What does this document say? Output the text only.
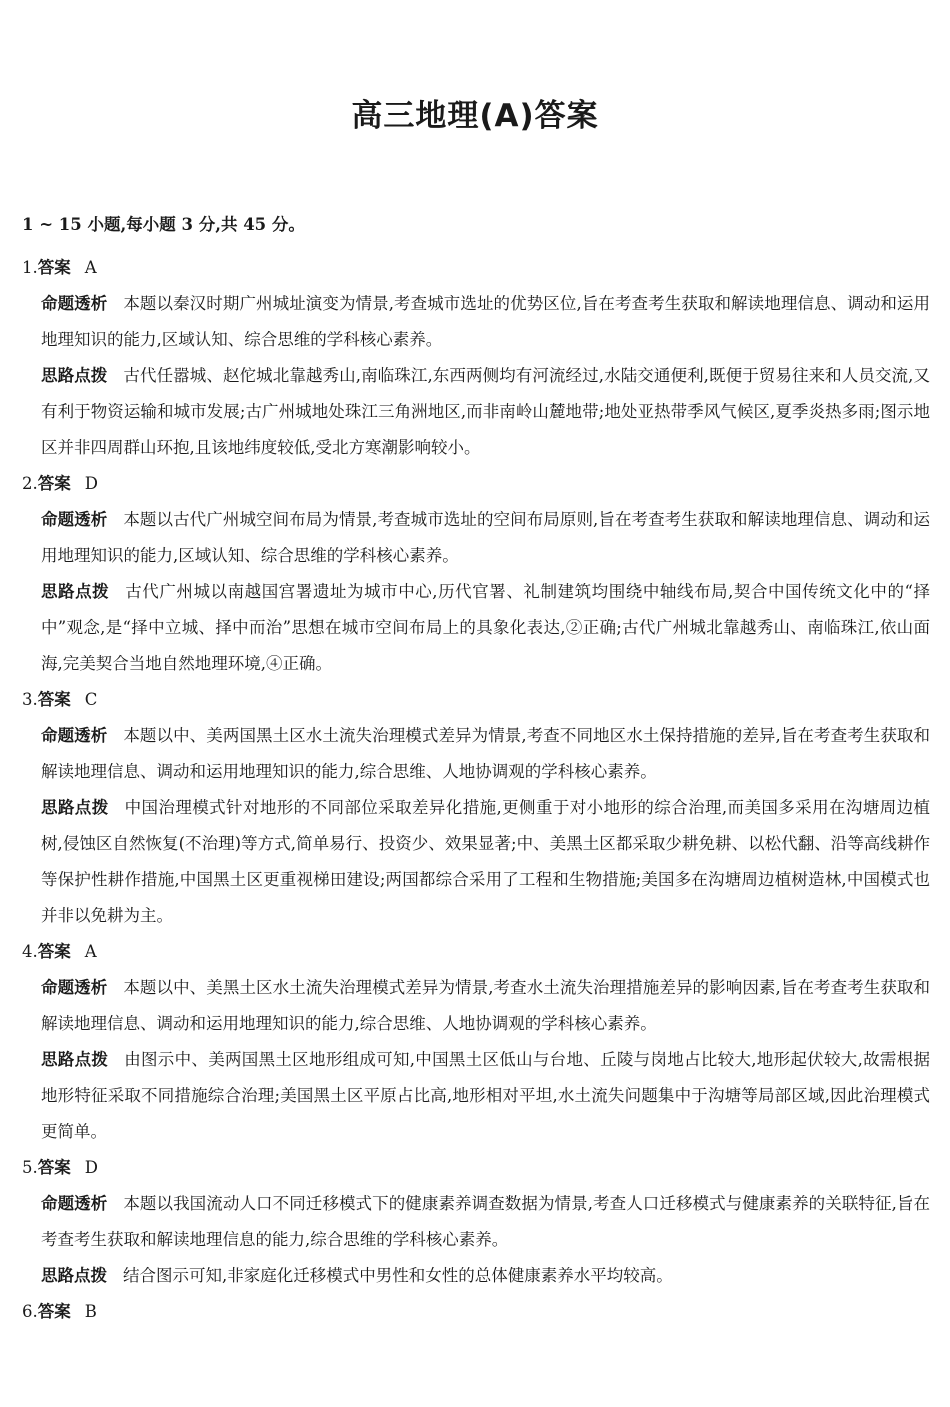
高三地理(A)答案
1 ~ 15 小题,每小题 3 分,共 45 分。
1.答案 A

命题透析 本题以秦汉时期广州城址演变为情景,考查城市选址的优势区位,旨在考查考生获取和解读地理信息、调动和运用地理知识的能力,区域认知、综合思维的学科核心素养。

思路点拨 古代任嚣城、赵佗城北靠越秀山,南临珠江,东西两侧均有河流经过,水陆交通便利,既便于贸易往来和人员交流,又有利于物资运输和城市发展;古广州城地处珠江三角洲地区,而非南岭山麓地带;地处亚热带季风气候区,夏季炎热多雨;图示地区并非四周群山环抱,且该地纬度较低,受北方寒潮影响较小。

2.答案 D

命题透析 本题以古代广州城空间布局为情景,考查城市选址的空间布局原则,旨在考查考生获取和解读地理信息、调动和运用地理知识的能力,区域认知、综合思维的学科核心素养。

思路点拨 古代广州城以南越国宫署遗址为城市中心,历代官署、礼制建筑均围绕中轴线布局,契合中国传统文化中的“择中”观念,是“择中立城、择中而治”思想在城市空间布局上的具象化表达,②正确;古代广州城北靠越秀山、南临珠江,依山面海,完美契合当地自然地理环境,④正确。

3.答案 C

命题透析 本题以中、美两国黑土区水土流失治理模式差异为情景,考查不同地区水土保持措施的差异,旨在考查考生获取和解读地理信息、调动和运用地理知识的能力,综合思维、人地协调观的学科核心素养。

思路点拨 中国治理模式针对地形的不同部位采取差异化措施,更侧重于对小地形的综合治理,而美国多采用在沟塘周边植树,侵蚀区自然恢复(不治理)等方式,简单易行、投资少、效果显著;中、美黑土区都采取少耕免耕、以松代翻、沿等高线耕作等保护性耕作措施,中国黑土区更重视梯田建设;两国都综合采用了工程和生物措施;美国多在沟塘周边植树造林,中国模式也并非以免耕为主。

4.答案 A

命题透析 本题以中、美黑土区水土流失治理模式差异为情景,考查水土流失治理措施差异的影响因素,旨在考查考生获取和解读地理信息、调动和运用地理知识的能力,综合思维、人地协调观的学科核心素养。

思路点拨 由图示中、美两国黑土区地形组成可知,中国黑土区低山与台地、丘陵与岗地占比较大,地形起伏较大,故需根据地形特征采取不同措施综合治理;美国黑土区平原占比高,地形相对平坦,水土流失问题集中于沟塘等局部区域,因此治理模式更简单。

5.答案 D

命题透析 本题以我国流动人口不同迁移模式下的健康素养调查数据为情景,考查人口迁移模式与健康素养的关联特征,旨在考查考生获取和解读地理信息的能力,综合思维的学科核心素养。

思路点拨 结合图示可知,非家庭化迁移模式中男性和女性的总体健康素养水平均较高。

6.答案 B
